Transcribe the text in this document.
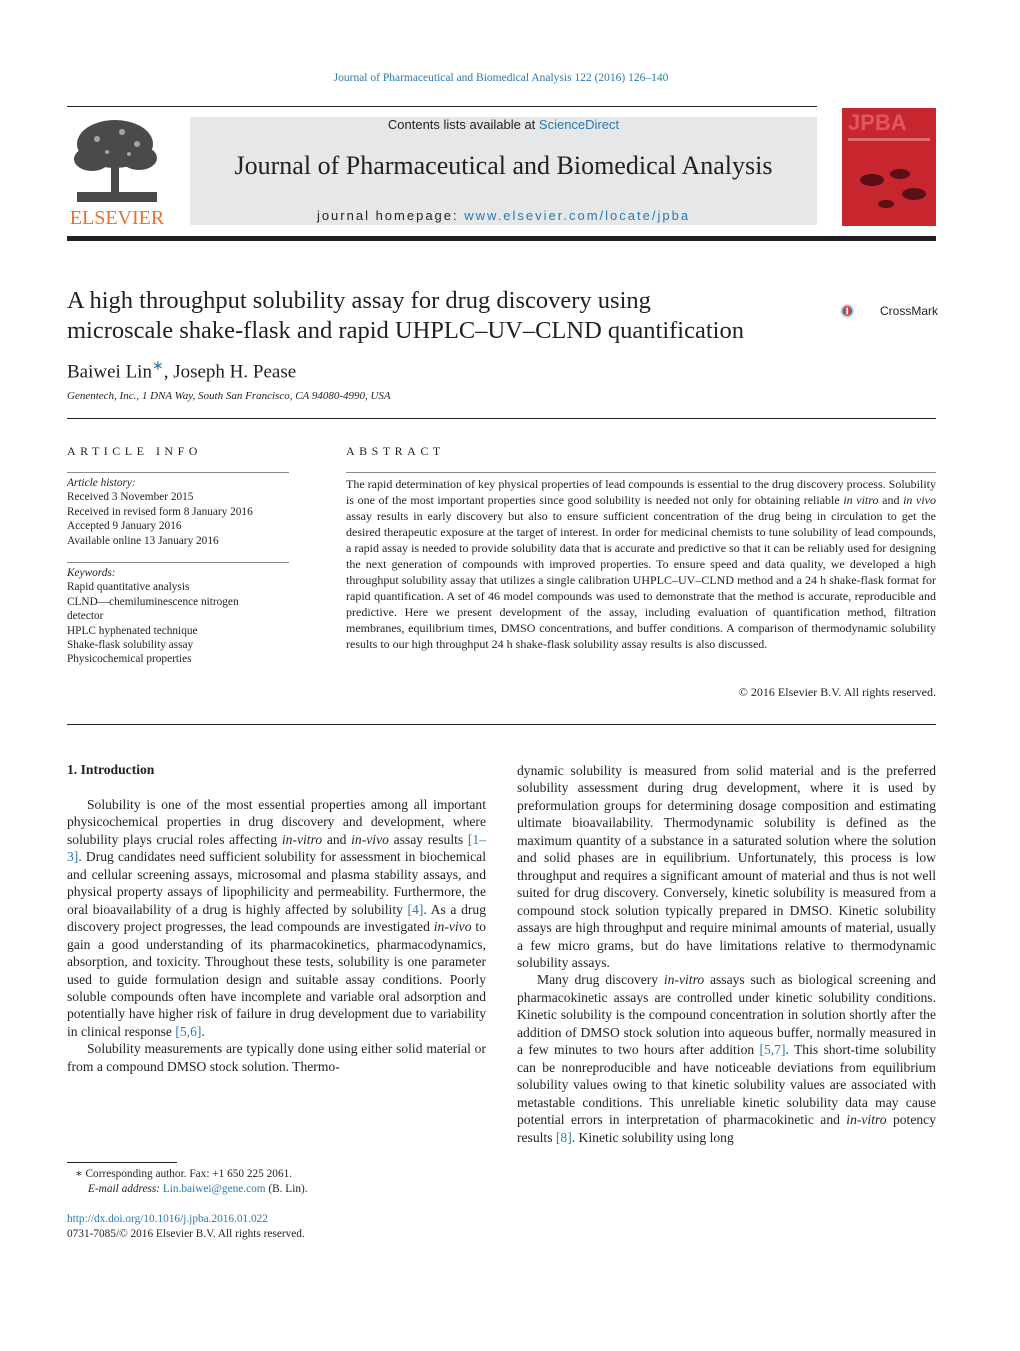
Journal of Pharmaceutical and Biomedical Analysis 122 (2016) 126–140
ELSEVIER
Contents lists available at ScienceDirect
Journal of Pharmaceutical and Biomedical Analysis
journal homepage: www.elsevier.com/locate/jpba
JPBA
A high throughput solubility assay for drug discovery using
microscale shake-flask and rapid UHPLC–UV–CLND quantification
CrossMark
Baiwei Lin∗, Joseph H. Pease
Genentech, Inc., 1 DNA Way, South San Francisco, CA 94080-4990, USA
ARTICLE INFO
Article history:
Received 3 November 2015
Received in revised form 8 January 2016
Accepted 9 January 2016
Available online 13 January 2016
Keywords:
Rapid quantitative analysis
CLND—chemiluminescence nitrogen
detector
HPLC hyphenated technique
Shake-flask solubility assay
Physicochemical properties
ABSTRACT
The rapid determination of key physical properties of lead compounds is essential to the drug discovery process. Solubility is one of the most important properties since good solubility is needed not only for obtaining reliable in vitro and in vivo assay results in early discovery but also to ensure sufficient concentration of the drug being in circulation to get the desired therapeutic exposure at the target of interest. In order for medicinal chemists to tune solubility of lead compounds, a rapid assay is needed to provide solubility data that is accurate and predictive so that it can be reliably used for designing the next generation of compounds with improved properties. To ensure speed and data quality, we developed a high throughput solubility assay that utilizes a single calibration UHPLC–UV–CLND method and a 24 h shake-flask format for rapid quantification. A set of 46 model compounds was used to demonstrate that the method is accurate, reproducible and predictive. Here we present development of the assay, including evaluation of quantification method, filtration membranes, equilibrium times, DMSO concentrations, and buffer conditions. A comparison of thermodynamic solubility results to our high throughput 24 h shake-flask solubility assay results is also discussed.
© 2016 Elsevier B.V. All rights reserved.
1. Introduction

Solubility is one of the most essential properties among all important physicochemical properties in drug discovery and development, where solubility plays crucial roles affecting in-vitro and in-vivo assay results [1–3]. Drug candidates need sufficient solubility for assessment in biochemical and cellular screening assays, microsomal and plasma stability assays, and physical property assays of lipophilicity and permeability. Furthermore, the oral bioavailability of a drug is highly affected by solubility [4]. As a drug discovery project progresses, the lead compounds are investigated in-vivo to gain a good understanding of its pharmacokinetics, pharmacodynamics, absorption, and toxicity. Throughout these tests, solubility is one parameter used to guide formulation design and suitable assay conditions. Poorly soluble compounds often have incomplete and variable oral adsorption and potentially have higher risk of failure in drug development due to variability in clinical response [5,6].

Solubility measurements are typically done using either solid material or from a compound DMSO stock solution. Thermo-

dynamic solubility is measured from solid material and is the preferred solubility assessment during drug development, where it is used by preformulation groups for determining dosage composition and estimating ultimate bioavailability. Thermodynamic solubility is defined as the maximum quantity of a substance in a saturated solution where the solution and solid phases are in equilibrium. Unfortunately, this process is low throughput and requires a significant amount of material and thus is not well suited for drug discovery. Conversely, kinetic solubility is measured from a compound stock solution typically prepared in DMSO. Kinetic solubility assays are high throughput and require minimal amounts of material, usually a few micro grams, but do have limitations relative to thermodynamic solubility assays.

Many drug discovery in-vitro assays such as biological screening and pharmacokinetic assays are controlled under kinetic solubility conditions. Kinetic solubility is the compound concentration in solution shortly after the addition of DMSO stock solution into aqueous buffer, normally measured in a few minutes to two hours after addition [5,7]. This short-time solubility can be nonreproducible and have noticeable deviations from equilibrium solubility values owing to that kinetic solubility values are associated with metastable conditions. This unreliable kinetic solubility data may cause potential errors in interpretation of pharmacokinetic and in-vitro potency results [8]. Kinetic solubility using long

∗ Corresponding author. Fax: +1 650 225 2061.
E-mail address: Lin.baiwei@gene.com (B. Lin).
http://dx.doi.org/10.1016/j.jpba.2016.01.022
0731-7085/© 2016 Elsevier B.V. All rights reserved.
